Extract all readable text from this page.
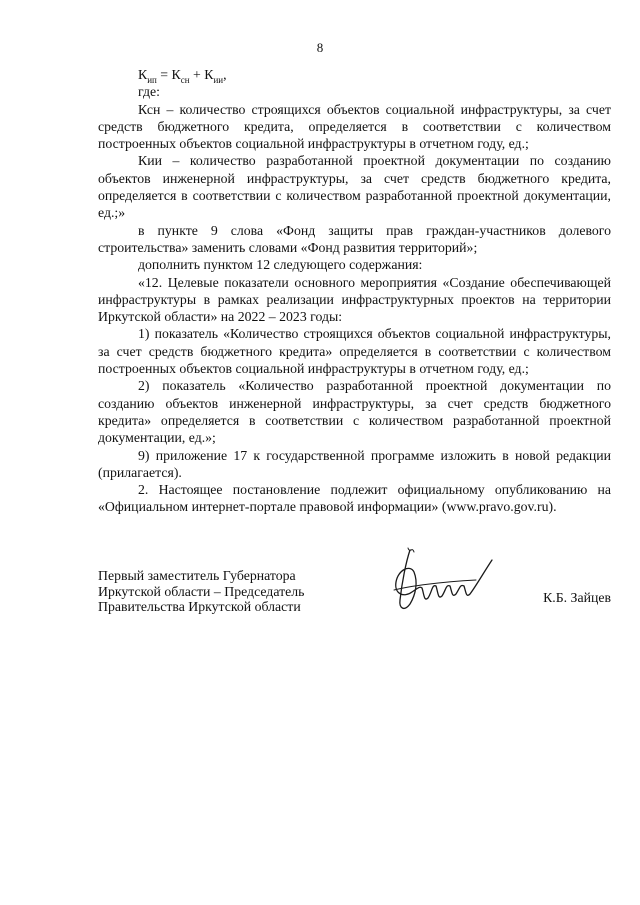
8

$К_{ип} = К_{сн} + К_{ии}$,

где:

Ксн – количество строящихся объектов социальной инфраструктуры, за счет средств бюджетного кредита, определяется в соответствии с количеством построенных объектов социальной инфраструктуры в отчетном году, ед.;

Кии – количество разработанной проектной документации по созданию объектов инженерной инфраструктуры, за счет средств бюджетного кредита, определяется в соответствии с количеством разработанной проектной документации, ед.;»

в пункте 9 слова «Фонд защиты прав граждан-участников долевого строительства» заменить словами «Фонд развития территорий»;

дополнить пунктом 12 следующего содержания:

«12. Целевые показатели основного мероприятия «Создание обеспечивающей инфраструктуры в рамках реализации инфраструктурных проектов на территории Иркутской области» на 2022 – 2023 годы:

1) показатель «Количество строящихся объектов социальной инфраструктуры, за счет средств бюджетного кредита» определяется в соответствии с количеством построенных объектов социальной инфраструктуры в отчетном году, ед.;

2) показатель «Количество разработанной проектной документации по созданию объектов инженерной инфраструктуры, за счет средств бюджетного кредита» определяется в соответствии с количеством разработанной проектной документации, ед.»;

9) приложение 17 к государственной программе изложить в новой редакции (прилагается).

2. Настоящее постановление подлежит официальному опубликованию на «Официальном интернет-портале правовой информации» (www.pravo.gov.ru).

Первый заместитель Губернатора
Иркутской области – Председатель
Правительства Иркутской области
К.Б. Зайцев
